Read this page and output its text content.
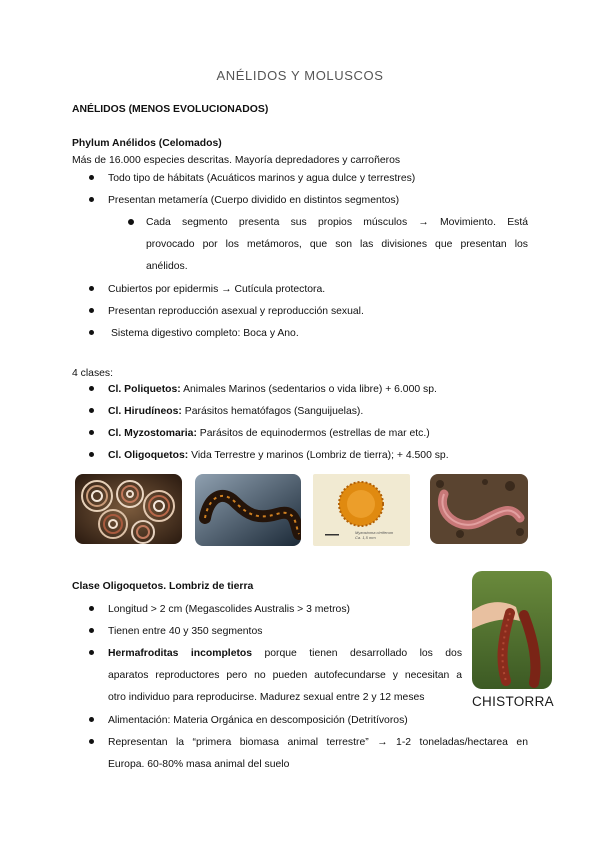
ANÉLIDOS Y MOLUSCOS
ANÉLIDOS (MENOS EVOLUCIONADOS)
Phylum Anélidos (Celomados)
Más de 16.000 especies descritas. Mayoría depredadores y carroñeros
Todo tipo de hábitats (Acuáticos marinos y agua dulce y terrestres)
Presentan metamería (Cuerpo dividido en distintos segmentos)
Cada segmento presenta sus propios músculos → Movimiento. Está
provocado por los metámoros, que son las divisiones que presentan los
anélidos.
Cubiertos por epidermis → Cutícula protectora.
Presentan reproducción asexual y reproducción sexual.
Sistema digestivo completo: Boca y Ano.
4 clases:
Cl. Poliquetos: Animales Marinos (sedentarios o vida libre) + 6.000 sp.
Cl. Hirudíneos: Parásitos hematófagos (Sanguijuelas).
Cl. Myzostomaria: Parásitos de equinodermos (estrellas de mar etc.)
Cl. Oligoquetos: Vida Terrestre y marinos (Lombriz de tierra); + 4.500 sp.
Myzostoma cirriferum
Ca. 1,5 mm
Clase Oligoquetos. Lombriz de tierra
Longitud > 2 cm (Megascolides Australis > 3 metros)
Tienen entre 40 y 350 segmentos
Hermafroditas incompletos porque tienen desarrollado los dos
aparatos reproductores pero no pueden autofecundarse y necesitan a
otro individuo para reproducirse. Madurez sexual entre 2 y 12 meses
Alimentación: Materia Orgánica en descomposición (Detritívoros)
Representan la “primera biomasa animal terrestre” → 1-2 toneladas/hectarea en
Europa. 60-80% masa animal del suelo
CHISTORRA
